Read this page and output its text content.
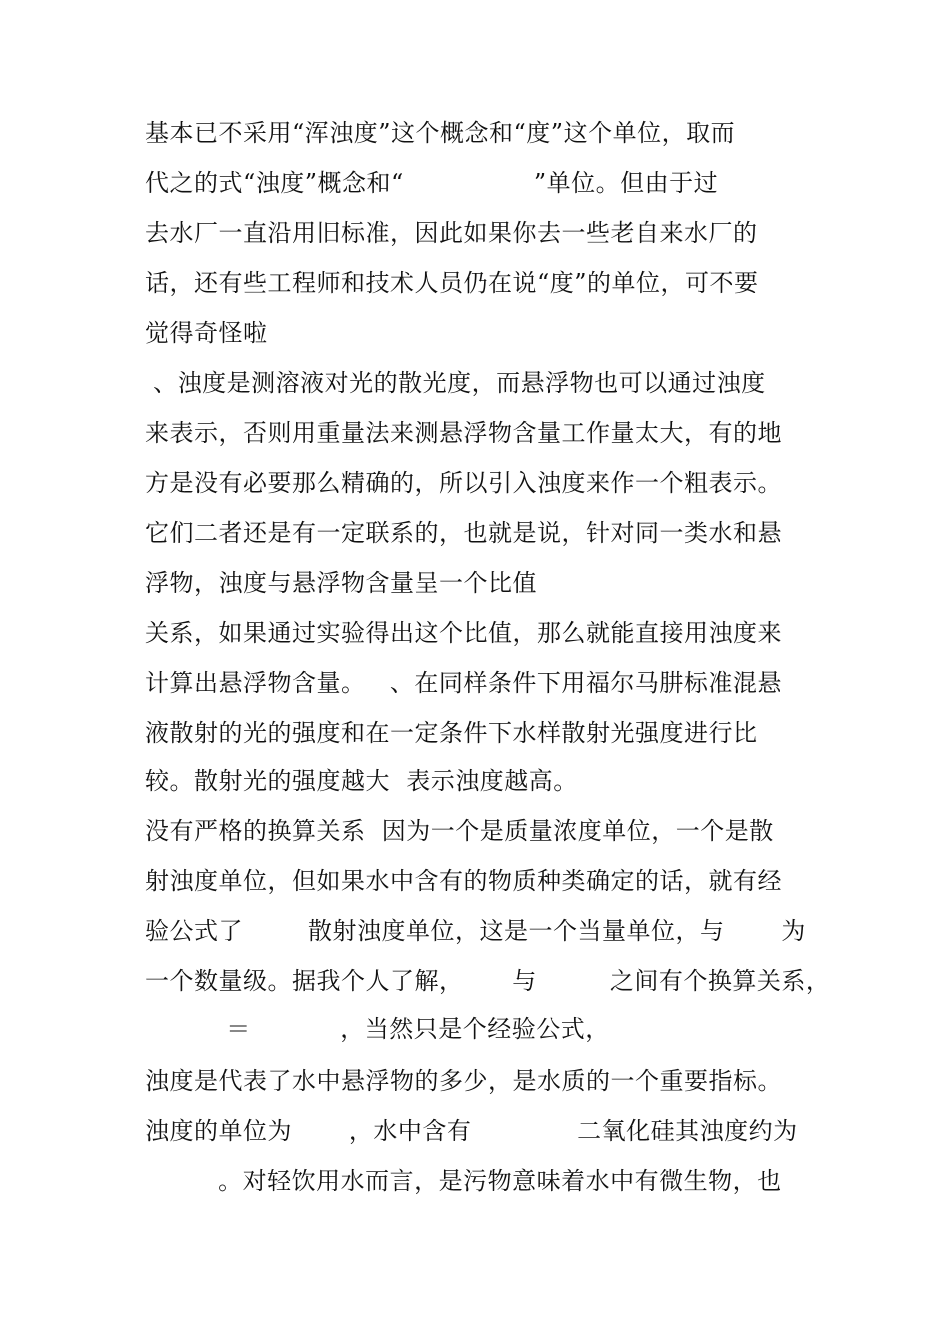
基本已不采用“浑浊度”这个概念和“度”这个单位，取而
代之的式“浊度”概念和“                ”单位。但由于过
去水厂一直沿用旧标准，因此如果你去一些老自来水厂的
话，还有些工程师和技术人员仍在说“度”的单位，可不要
觉得奇怪啦
、浊度是测溶液对光的散光度，而悬浮物也可以通过浊度
来表示，否则用重量法来测悬浮物含量工作量太大，有的地
方是没有必要那么精确的，所以引入浊度来作一个粗表示。
它们二者还是有一定联系的，也就是说，针对同一类水和悬
浮物，浊度与悬浮物含量呈一个比值
关系，如果通过实验得出这个比值，那么就能直接用浊度来
计算出悬浮物含量。   、在同样条件下用福尔马肼标准混悬
液散射的光的强度和在一定条件下水样散射光强度进行比
较。散射光的强度越大  表示浊度越高。
没有严格的换算关系  因为一个是质量浓度单位，一个是散
射浊度单位，但如果水中含有的物质种类确定的话，就有经
验公式了        散射浊度单位，这是一个当量单位，与       为
一个数量级。据我个人了解，      与         之间有个换算关系，
＝           ，当然只是个经验公式，
浊度是代表了水中悬浮物的多少，是水质的一个重要指标。
浊度的单位为       ，水中含有             二氧化硅其浊度约为
。对轻饮用水而言，是污物意味着水中有微生物，也
